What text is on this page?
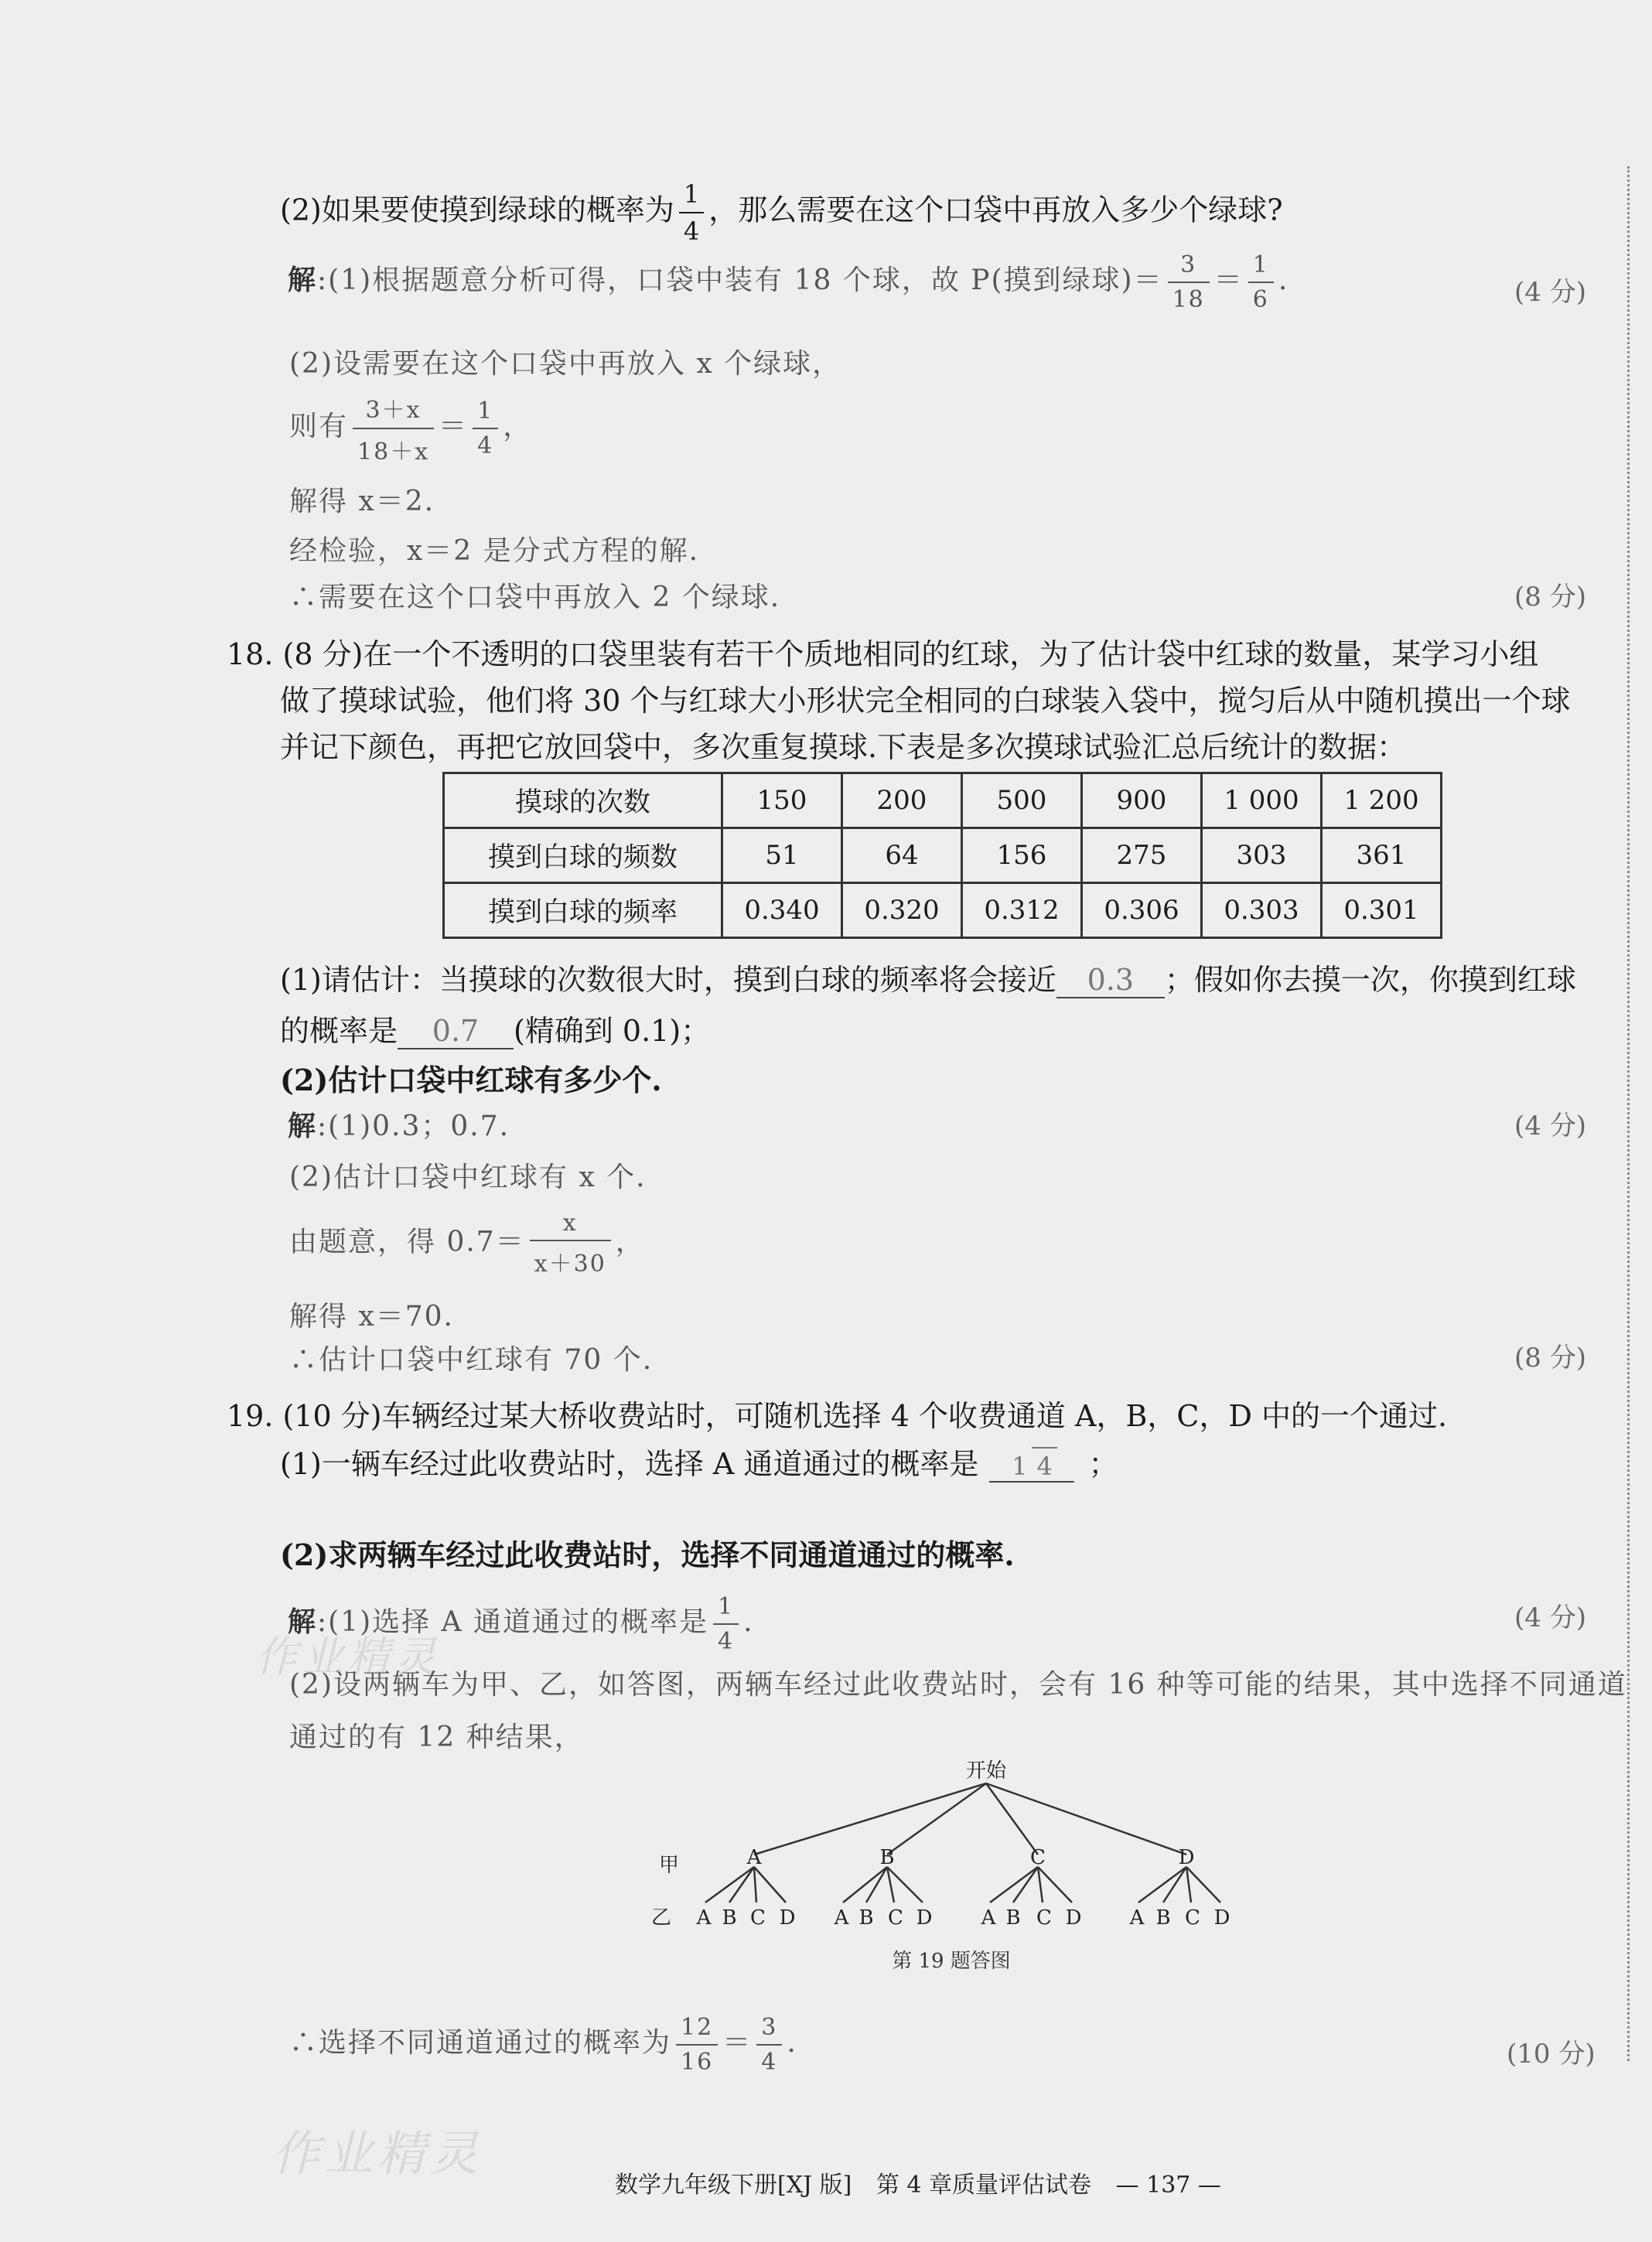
(2)如果要使摸到绿球的概率为 $\frac{1}{4}$ ，那么需要在这个口袋中再放入多少个绿球?
解:(1)根据题意分析可得，口袋中装有 18 个球，故 P(摸到绿球)＝ $\frac{3}{18} = \frac{1}{6}$ .	(4 分)
(2)设需要在这个口袋中再放入 x 个绿球，
则有 $\frac{3+x}{18+x} = \frac{1}{4}$ ，
解得 x＝2.
经检验，x＝2 是分式方程的解.
∴需要在这个口袋中再放入 2 个绿球.	(8 分)
18. (8 分)在一个不透明的口袋里装有若干个质地相同的红球，为了估计袋中红球的数量，某学习小组
做了摸球试验，他们将 30 个与红球大小形状完全相同的白球装入袋中，搅匀后从中随机摸出一个球
并记下颜色，再把它放回袋中，多次重复摸球.下表是多次摸球试验汇总后统计的数据：
摸球的次数	150	200	500	900	1 000	1 200
摸到白球的频数	51	64	156	275	303	361
摸到白球的频率	0.340	0.320	0.312	0.306	0.303	0.301
(1)请估计：当摸球的次数很大时，摸到白球的频率将会接近 0.3 ；假如你去摸一次，你摸到红球
的概率是 0.7 (精确到 0.1)；
(2)估计口袋中红球有多少个.
解:(1)0.3；0.7.	(4 分)
(2)估计口袋中红球有 x 个.
由题意，得 $0.7= \frac{x}{x+30}$ ，
解得 x＝70.
∴估计口袋中红球有 70 个.	(8 分)
19. (10 分)车辆经过某大桥收费站时，可随机选择 4 个收费通道 A，B，C，D 中的一个通过.
(1)一辆车经过此收费站时，选择 A 通道通过的概率是 1 4 ；
(2)求两辆车经过此收费站时，选择不同通道通过的概率.
作业精灵
解:(1)选择 A 通道通过的概率是 $\frac{1}{4}$ .	(4 分)
(2)设两辆车为甲、乙，如答图，两辆车经过此收费站时，会有 16 种等可能的结果，其中选择不同通道
通过的有 12 种结果，
开始
甲
乙
A	B	C	D
A B C D A B C D A B C D A B C D
第 19 题答图
∴选择不同通道通过的概率为 $\frac{12}{16} = \frac{3}{4}$ .	(10 分)
作业精灵
数学九年级下册[XJ 版] 第 4 章质量评估试卷 — 137 —
